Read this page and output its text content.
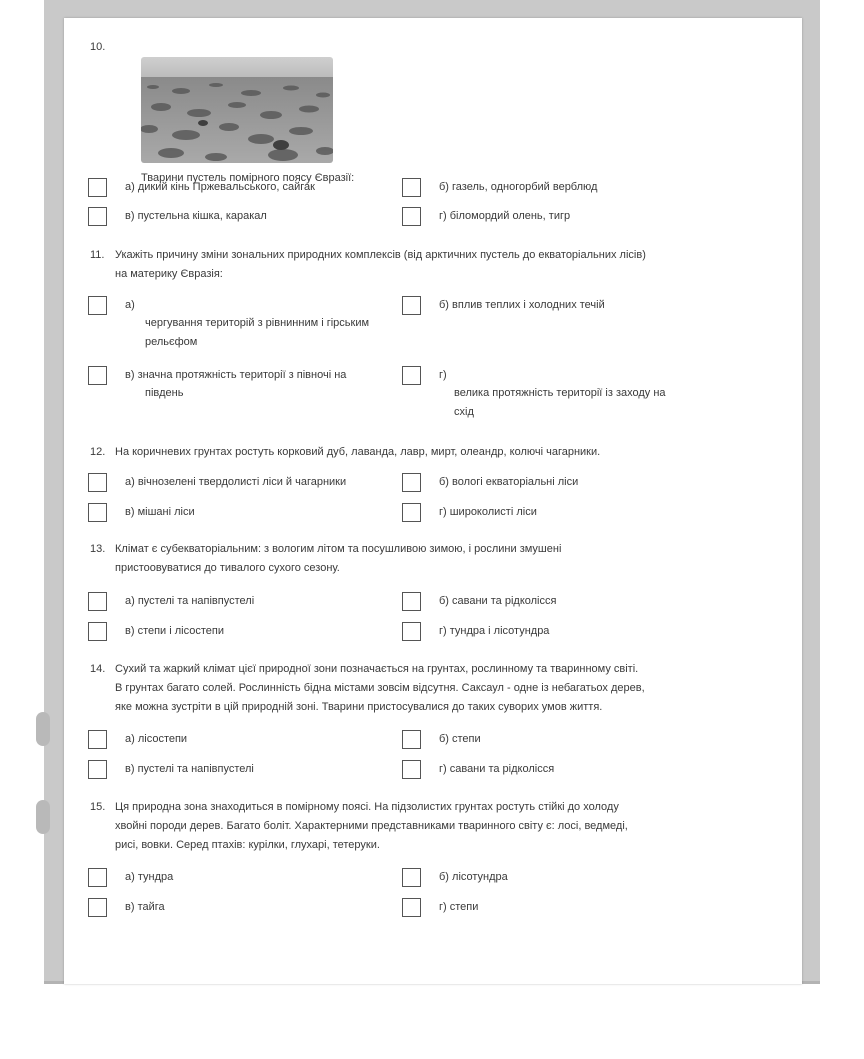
10.
Тварини пустель помірного поясу Євразії:
а) дикий кінь Пржевальського, сайгак	б) газель, одногорбий верблюд
в) пустельна кішка, каракал	г) біломордий олень, тигр
11. Укажіть причину зміни зональних природних комплексів (від арктичних пустель до екваторіальних лісів)
на материку Євразія:
а)
чергування територій з рівнинним і гірським
рельєфом
б) вплив теплих і холодних течій
в) значна протяжність території з півночі на
південь
г)
велика протяжність території із заходу на
схід
12. На коричневих грунтах ростуть корковий дуб, лаванда, лавр, мирт, олеандр, колючі чагарники.
а) вічнозелені твердолисті ліси й чагарники	б) вологі екваторіальні ліси
в) мішані ліси	г) широколисті ліси
13. Клімат є субекваторіальним: з вологим літом та посушливою зимою, і рослини змушені
пристоовуватися до тивалого сухого сезону.
а) пустелі та напівпустелі	б) савани та рідколісся
в) степи і лісостепи	г) тундра і лісотундра
14. Сухий та жаркий клімат цієї природної зони позначається на грунтах, рослинному та тваринному світі.
В грунтах багато солей. Рослинність бідна містами зовсім відсутня. Саксаул - одне із небагатьох дерев,
яке можна зустріти в цій природній зоні. Тварини пристосувалися до таких суворих умов життя.
а) лісостепи	б) степи
в) пустелі та напівпустелі	г) савани та рідколісся
15. Ця природна зона знаходиться в помірному поясі. На підзолистих грунтах ростуть стійкі до холоду
хвойні породи дерев. Багато боліт. Характерними представниками тваринного світу є: лосі, ведмеді,
рисі, вовки. Серед птахів: курілки, глухарі, тетеруки.
а) тундра	б) лісотундра
в) тайга	г) степи
